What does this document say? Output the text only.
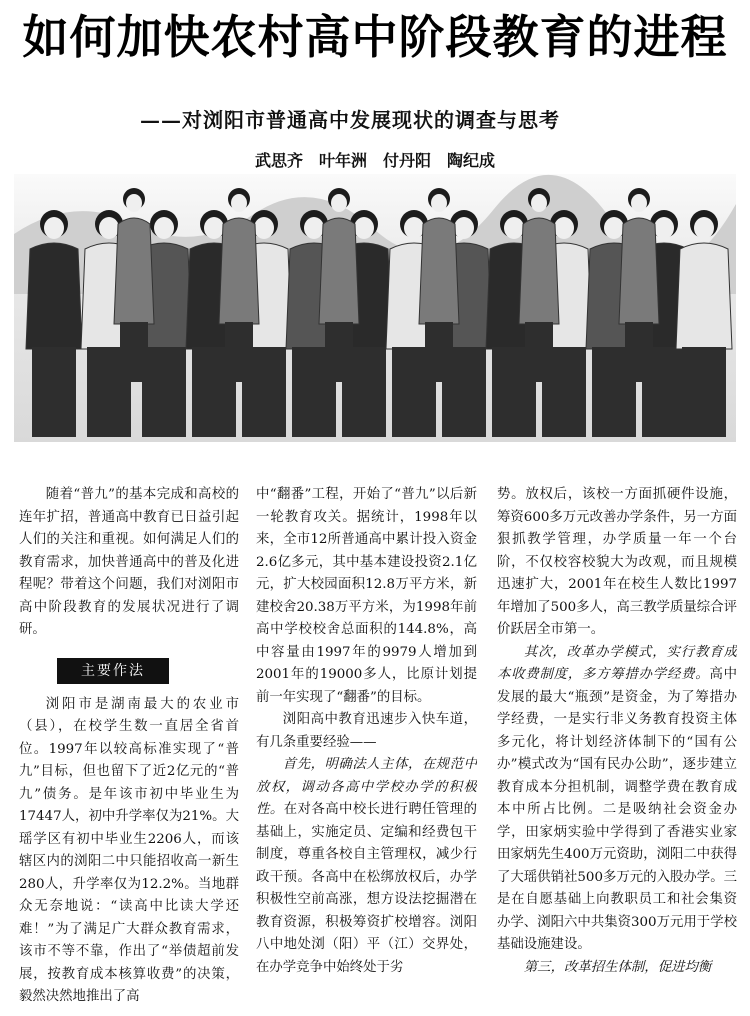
如何加快农村高中阶段教育的进程
——对浏阳市普通高中发展现状的调查与思考
武思齐　叶年洲　付丹阳　陶纪成

随着“普九”的基本完成和高校的连年扩招，普通高中教育已日益引起人们的关注和重视。如何满足人们的教育需求，加快普通高中的普及化进程呢？带着这个问题，我们对浏阳市高中阶段教育的发展状况进行了调研。

主要作法

浏阳市是湖南最大的农业市（县），在校学生数一直居全省首位。1997年以较高标准实现了“普九”目标，但也留下了近2亿元的“普九”债务。是年该市初中毕业生为17447人，初中升学率仅为21%。大瑶学区有初中毕业生2206人，而该辖区内的浏阳二中只能招收高一新生280人，升学率仅为12.2%。当地群众无奈地说：“读高中比读大学还难！”为了满足广大群众教育需求，该市不等不靠，作出了“举债超前发展，按教育成本核算收费”的决策，毅然决然地推出了高

中“翻番”工程，开始了“普九”以后新一轮教育攻关。据统计，1998年以来，全市12所普通高中累计投入资金2.6亿多元，其中基本建设投资2.1亿元，扩大校园面积12.8万平方米，新建校舍20.38万平方米，为1998年前高中学校校舍总面积的144.8%，高中容量由1997年的9979人增加到2001年的19000多人，比原计划提前一年实现了“翻番”的目标。

浏阳高中教育迅速步入快车道，有几条重要经验——

首先，明确法人主体，在规范中放权，调动各高中学校办学的积极性。在对各高中校长进行聘任管理的基础上，实施定员、定编和经费包干制度，尊重各校自主管理权，减少行政干预。各高中在松绑放权后，办学积极性空前高涨，想方设法挖掘潜在教育资源，积极筹资扩校增容。浏阳八中地处浏（阳）平（江）交界处，在办学竞争中始终处于劣

势。放权后，该校一方面抓硬件设施，筹资600多万元改善办学条件，另一方面狠抓教学管理，办学质量一年一个台阶，不仅校容校貌大为改观，而且规模迅速扩大，2001年在校生人数比1997年增加了500多人，高三教学质量综合评价跃居全市第一。

其次，改革办学模式，实行教育成本收费制度，多方筹措办学经费。高中发展的最大“瓶颈”是资金，为了筹措办学经费，一是实行非义务教育投资主体多元化，将计划经济体制下的“国有公办”模式改为“国有民办公助”，逐步建立教育成本分担机制，调整学费在教育成本中所占比例。二是吸纳社会资金办学，田家炳实验中学得到了香港实业家田家炳先生400万元资助，浏阳二中获得了大瑶供销社500多万元的入股办学。三是在自愿基础上向教职员工和社会集资办学、浏阳六中共集资300万元用于学校基础设施建设。

第三，改革招生体制，促进均衡
